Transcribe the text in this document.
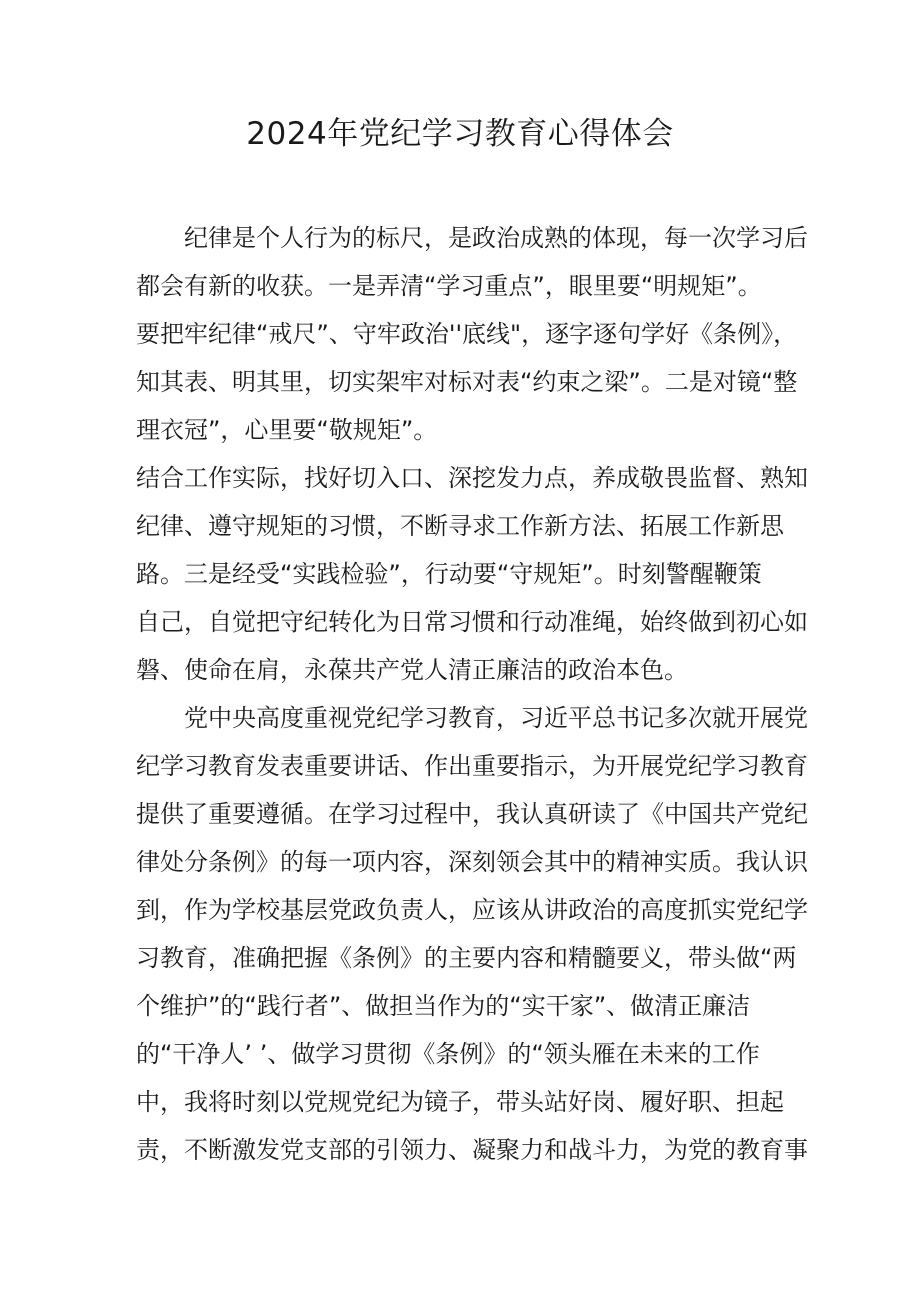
2024年党纪学习教育心得体会
纪律是个人行为的标尺，是政治成熟的体现，每一次学习后
都会有新的收获。一是弄清“学习重点”，眼里要“明规矩”。
要把牢纪律“戒尺”、守牢政治''底线"，逐字逐句学好《条例》，
知其表、明其里，切实架牢对标对表“约束之梁”。二是对镜“整
理衣冠”，心里要“敬规矩”。
结合工作实际，找好切入口、深挖发力点，养成敬畏监督、熟知
纪律、遵守规矩的习惯，不断寻求工作新方法、拓展工作新思
路。三是经受“实践检验”，行动要“守规矩”。时刻警醒鞭策
自己，自觉把守纪转化为日常习惯和行动准绳，始终做到初心如
磐、使命在肩，永葆共产党人清正廉洁的政治本色。
党中央高度重视党纪学习教育，习近平总书记多次就开展党
纪学习教育发表重要讲话、作出重要指示，为开展党纪学习教育
提供了重要遵循。在学习过程中，我认真研读了《中国共产党纪
律处分条例》的每一项内容，深刻领会其中的精神实质。我认识
到，作为学校基层党政负责人，应该从讲政治的高度抓实党纪学
习教育，准确把握《条例》的主要内容和精髓要义，带头做“两
个维护”的“践行者”、做担当作为的“实干家”、做清正廉洁
的“干净人’ ’、做学习贯彻《条例》的“领头雁在未来的工作
中，我将时刻以党规党纪为镜子，带头站好岗、履好职、担起
责，不断激发党支部的引领力、凝聚力和战斗力，为党的教育事
